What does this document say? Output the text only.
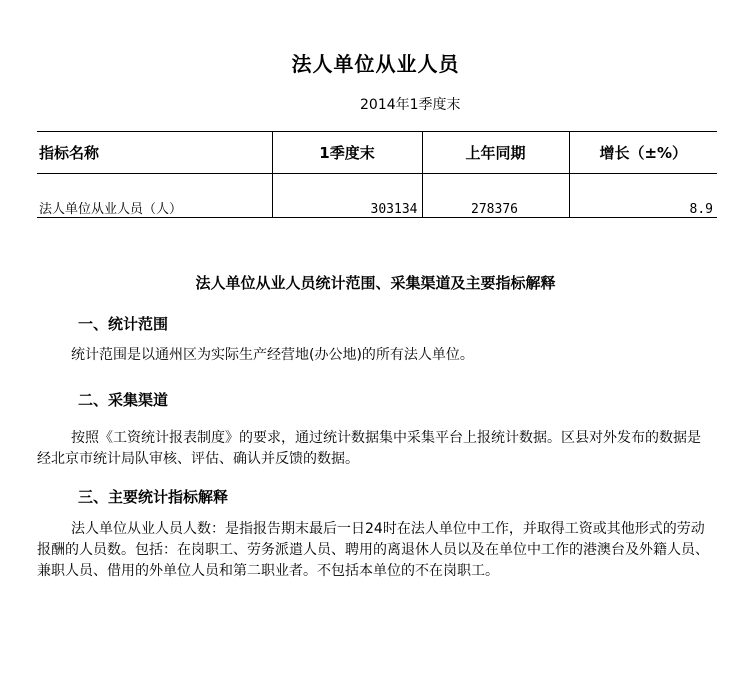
法人单位从业人员
2014年1季度末
指标名称	1季度末	上年同期	增长（±%）
法人单位从业人员（人）	303134	278376	8.9
法人单位从业人员统计范围、采集渠道及主要指标解释
一、统计范围

统计范围是以通州区为实际生产经营地(办公地)的所有法人单位。

二、采集渠道

按照《工资统计报表制度》的要求，通过统计数据集中采集平台上报统计数据。区县对外发布的数据是经北京市统计局队审核、评估、确认并反馈的数据。

三、主要统计指标解释

法人单位从业人员人数：是指报告期末最后一日24时在法人单位中工作，并取得工资或其他形式的劳动报酬的人员数。包括：在岗职工、劳务派遣人员、聘用的离退休人员以及在单位中工作的港澳台及外籍人员、兼职人员、借用的外单位人员和第二职业者。不包括本单位的不在岗职工。
